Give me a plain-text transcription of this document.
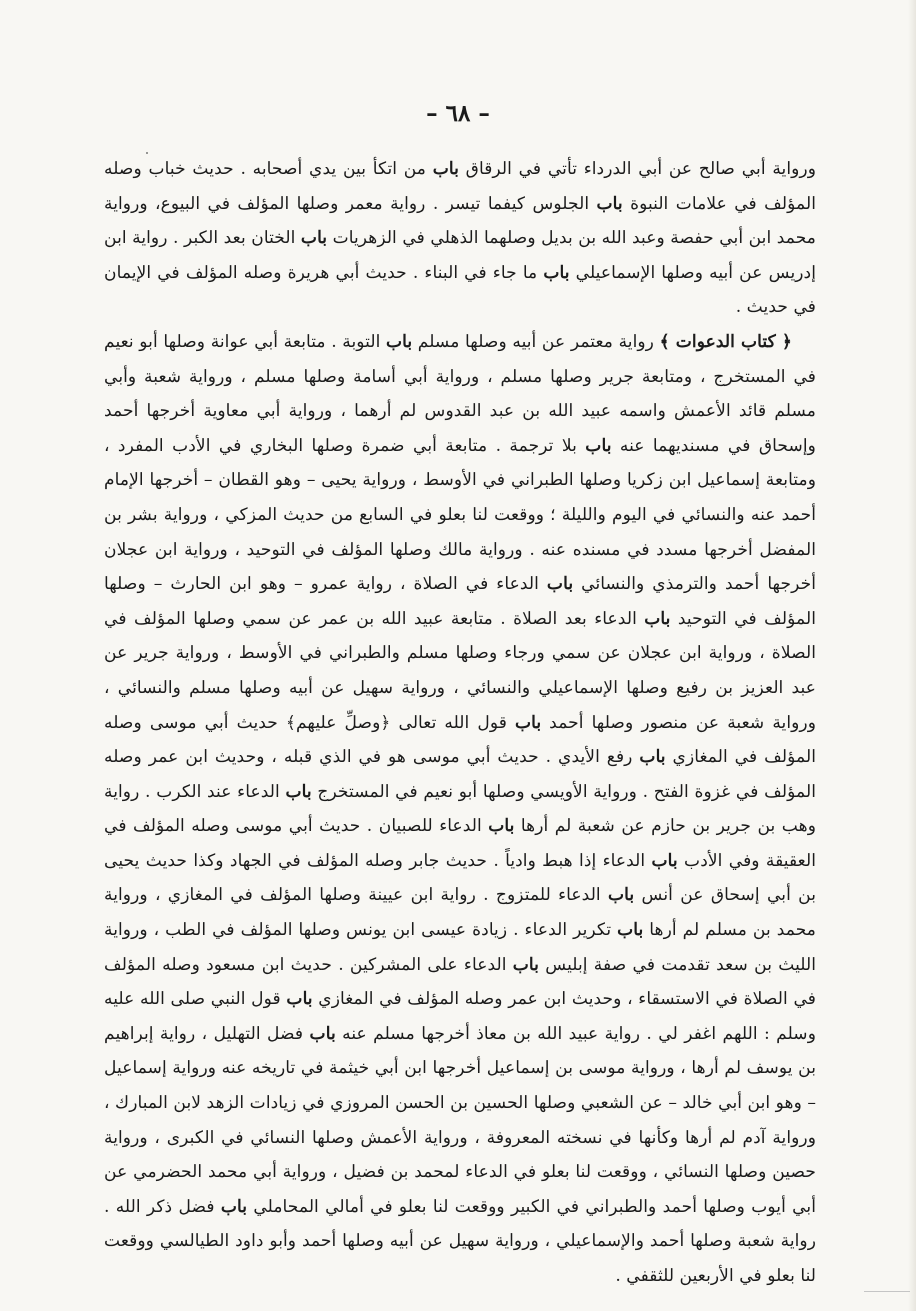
– ٦٨ –

ورواية أبي صالح عن أبي الدرداء تأتي في الرقاق باب من اتكأ بين يدي أصحابه . حديث خباب وصله المؤلف في علامات النبوة باب الجلوس كيفما تيسر . رواية معمر وصلها المؤلف في البيوع، ورواية محمد ابن أبي حفصة وعبد الله بن بديل وصلهما الذهلي في الزهريات باب الختان بعد الكبر . رواية ابن إدريس عن أبيه وصلها الإسماعيلي باب ما جاء في البناء . حديث أبي هريرة وصله المؤلف في الإيمان في حديث .

﴿ كتاب الدعوات ﴾ رواية معتمر عن أبيه وصلها مسلم باب التوبة . متابعة أبي عوانة وصلها أبو نعيم في المستخرج ، ومتابعة جرير وصلها مسلم ، ورواية أبي أسامة وصلها مسلم ، ورواية شعبة وأبي مسلم قائد الأعمش واسمه عبيد الله بن عبد القدوس لم أرهما ، ورواية أبي معاوية أخرجها أحمد وإسحاق في مسنديهما عنه باب بلا ترجمة . متابعة أبي ضمرة وصلها البخاري في الأدب المفرد ، ومتابعة إسماعيل ابن زكريا وصلها الطبراني في الأوسط ، ورواية يحيى – وهو القطان – أخرجها الإمام أحمد عنه والنسائي في اليوم والليلة ؛ ووقعت لنا بعلو في السابع من حديث المزكي ، ورواية بشر بن المفضل أخرجها مسدد في مسنده عنه . ورواية مالك وصلها المؤلف في التوحيد ، ورواية ابن عجلان أخرجها أحمد والترمذي والنسائي باب الدعاء في الصلاة ، رواية عمرو – وهو ابن الحارث – وصلها المؤلف في التوحيد باب الدعاء بعد الصلاة . متابعة عبيد الله بن عمر عن سمي وصلها المؤلف في الصلاة ، ورواية ابن عجلان عن سمي ورجاء وصلها مسلم والطبراني في الأوسط ، ورواية جرير عن عبد العزيز بن رفيع وصلها الإسماعيلي والنسائي ، ورواية سهيل عن أبيه وصلها مسلم والنسائي ، ورواية شعبة عن منصور وصلها أحمد باب قول الله تعالى ﴿وصلِّ عليهم﴾ حديث أبي موسى وصله المؤلف في المغازي باب رفع الأيدي . حديث أبي موسى هو في الذي قبله ، وحديث ابن عمر وصله المؤلف في غزوة الفتح . ورواية الأويسي وصلها أبو نعيم في المستخرج باب الدعاء عند الكرب . رواية وهب بن جرير بن حازم عن شعبة لم أرها باب الدعاء للصبيان . حديث أبي موسى وصله المؤلف في العقيقة وفي الأدب باب الدعاء إذا هبط وادياً . حديث جابر وصله المؤلف في الجهاد وكذا حديث يحيى بن أبي إسحاق عن أنس باب الدعاء للمتزوج . رواية ابن عيينة وصلها المؤلف في المغازي ، ورواية محمد بن مسلم لم أرها باب تكرير الدعاء . زيادة عيسى ابن يونس وصلها المؤلف في الطب ، ورواية الليث بن سعد تقدمت في صفة إبليس باب الدعاء على المشركين . حديث ابن مسعود وصله المؤلف في الصلاة في الاستسقاء ، وحديث ابن عمر وصله المؤلف في المغازي باب قول النبي صلى الله عليه وسلم : اللهم اغفر لي . رواية عبيد الله بن معاذ أخرجها مسلم عنه باب فضل التهليل ، رواية إبراهيم بن يوسف لم أرها ، ورواية موسى بن إسماعيل أخرجها ابن أبي خيثمة في تاريخه عنه ورواية إسماعيل – وهو ابن أبي خالد – عن الشعبي وصلها الحسين بن الحسن المروزي في زيادات الزهد لابن المبارك ، ورواية آدم لم أرها وكأنها في نسخته المعروفة ، ورواية الأعمش وصلها النسائي في الكبرى ، ورواية حصين وصلها النسائي ، ووقعت لنا بعلو في الدعاء لمحمد بن فضيل ، ورواية أبي محمد الحضرمي عن أبي أيوب وصلها أحمد والطبراني في الكبير ووقعت لنا بعلو في أمالي المحاملي باب فضل ذكر الله . رواية شعبة وصلها أحمد والإسماعيلي ، ورواية سهيل عن أبيه وصلها أحمد وأبو داود الطيالسي ووقعت لنا بعلو في الأربعين للثقفي .
